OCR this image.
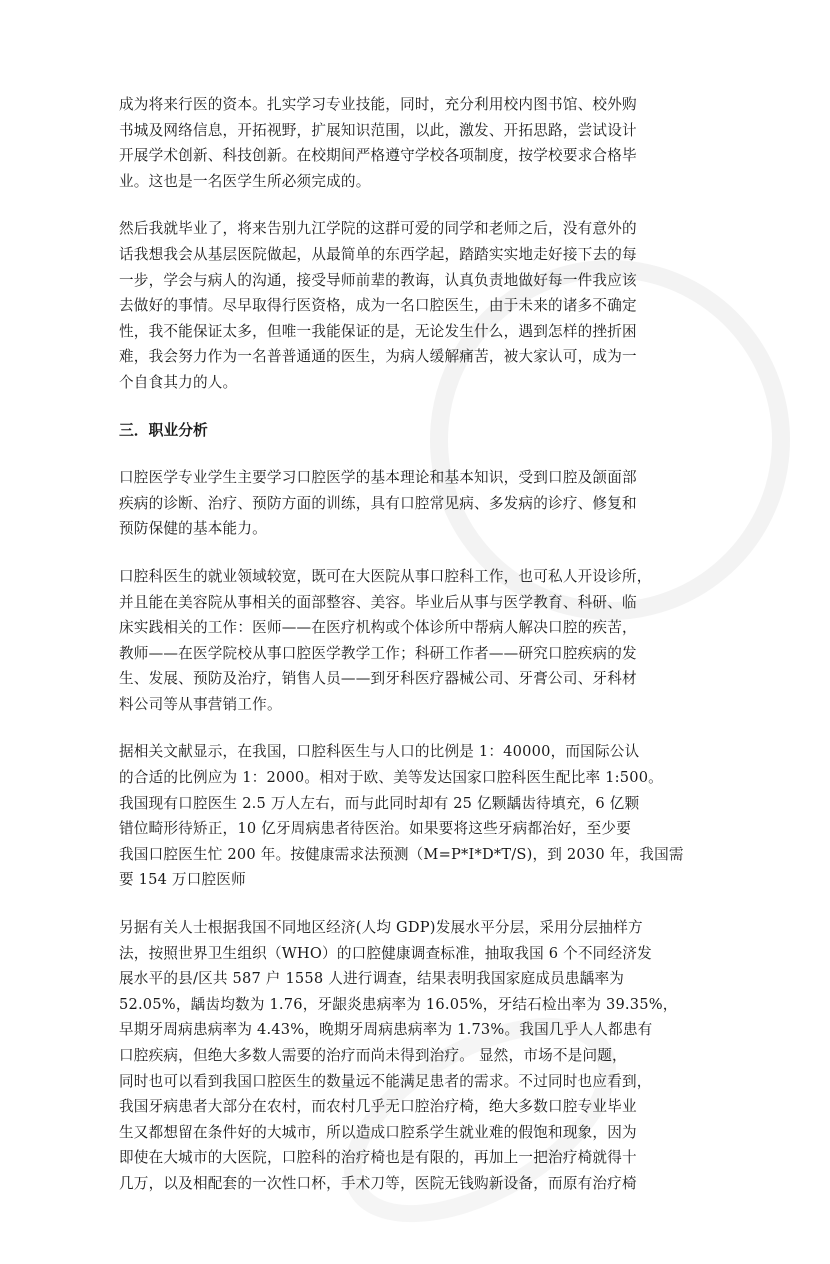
成为将来行医的资本。扎实学习专业技能，同时，充分利用校内图书馆、校外购
书城及网络信息，开拓视野，扩展知识范围，以此，激发、开拓思路，尝试设计
开展学术创新、科技创新。在校期间严格遵守学校各项制度，按学校要求合格毕
业。这也是一名医学生所必须完成的。

然后我就毕业了，将来告别九江学院的这群可爱的同学和老师之后，没有意外的
话我想我会从基层医院做起，从最简单的东西学起，踏踏实实地走好接下去的每
一步，学会与病人的沟通，接受导师前辈的教诲，认真负责地做好每一件我应该
去做好的事情。尽早取得行医资格，成为一名口腔医生，由于未来的诸多不确定
性，我不能保证太多，但唯一我能保证的是，无论发生什么，遇到怎样的挫折困
难，我会努力作为一名普普通通的医生，为病人缓解痛苦，被大家认可，成为一
个自食其力的人。

三．职业分析

口腔医学专业学生主要学习口腔医学的基本理论和基本知识，受到口腔及颌面部
疾病的诊断、治疗、预防方面的训练，具有口腔常见病、多发病的诊疗、修复和
预防保健的基本能力。

口腔科医生的就业领域较宽，既可在大医院从事口腔科工作，也可私人开设诊所，
并且能在美容院从事相关的面部整容、美容。毕业后从事与医学教育、科研、临
床实践相关的工作：医师——在医疗机构或个体诊所中帮病人解决口腔的疾苦，
教师——在医学院校从事口腔医学教学工作；科研工作者——研究口腔疾病的发
生、发展、预防及治疗，销售人员——到牙科医疗器械公司、牙膏公司、牙科材
料公司等从事营销工作。

据相关文献显示，在我国，口腔科医生与人口的比例是 1：40000，而国际公认
的合适的比例应为 1：2000。相对于欧、美等发达国家口腔科医生配比率 1:500。
我国现有口腔医生 2.5 万人左右，而与此同时却有 25 亿颗龋齿待填充，6 亿颗
错位畸形待矫正，10 亿牙周病患者待医治。如果要将这些牙病都治好，至少要
我国口腔医生忙 200 年。按健康需求法预测（M=P*I*D*T/S)，到 2030 年，我国需
要 154 万口腔医师

另据有关人士根据我国不同地区经济(人均 GDP)发展水平分层，采用分层抽样方
法，按照世界卫生组织（WHO）的口腔健康调查标准，抽取我国 6 个不同经济发
展水平的县/区共 587 户 1558 人进行调查，结果表明我国家庭成员患龋率为
52.05%，龋齿均数为 1.76，牙龈炎患病率为 16.05%，牙结石检出率为 39.35%，
早期牙周病患病率为 4.43%，晚期牙周病患病率为 1.73%。我国几乎人人都患有
口腔疾病，但绝大多数人需要的治疗而尚未得到治疗。 显然，市场不是问题，
同时也可以看到我国口腔医生的数量远不能满足患者的需求。不过同时也应看到，
我国牙病患者大部分在农村，而农村几乎无口腔治疗椅，绝大多数口腔专业毕业
生又都想留在条件好的大城市，所以造成口腔系学生就业难的假饱和现象，因为
即使在大城市的大医院，口腔科的治疗椅也是有限的，再加上一把治疗椅就得十
几万，以及相配套的一次性口杯，手术刀等，医院无钱购新设备，而原有治疗椅
